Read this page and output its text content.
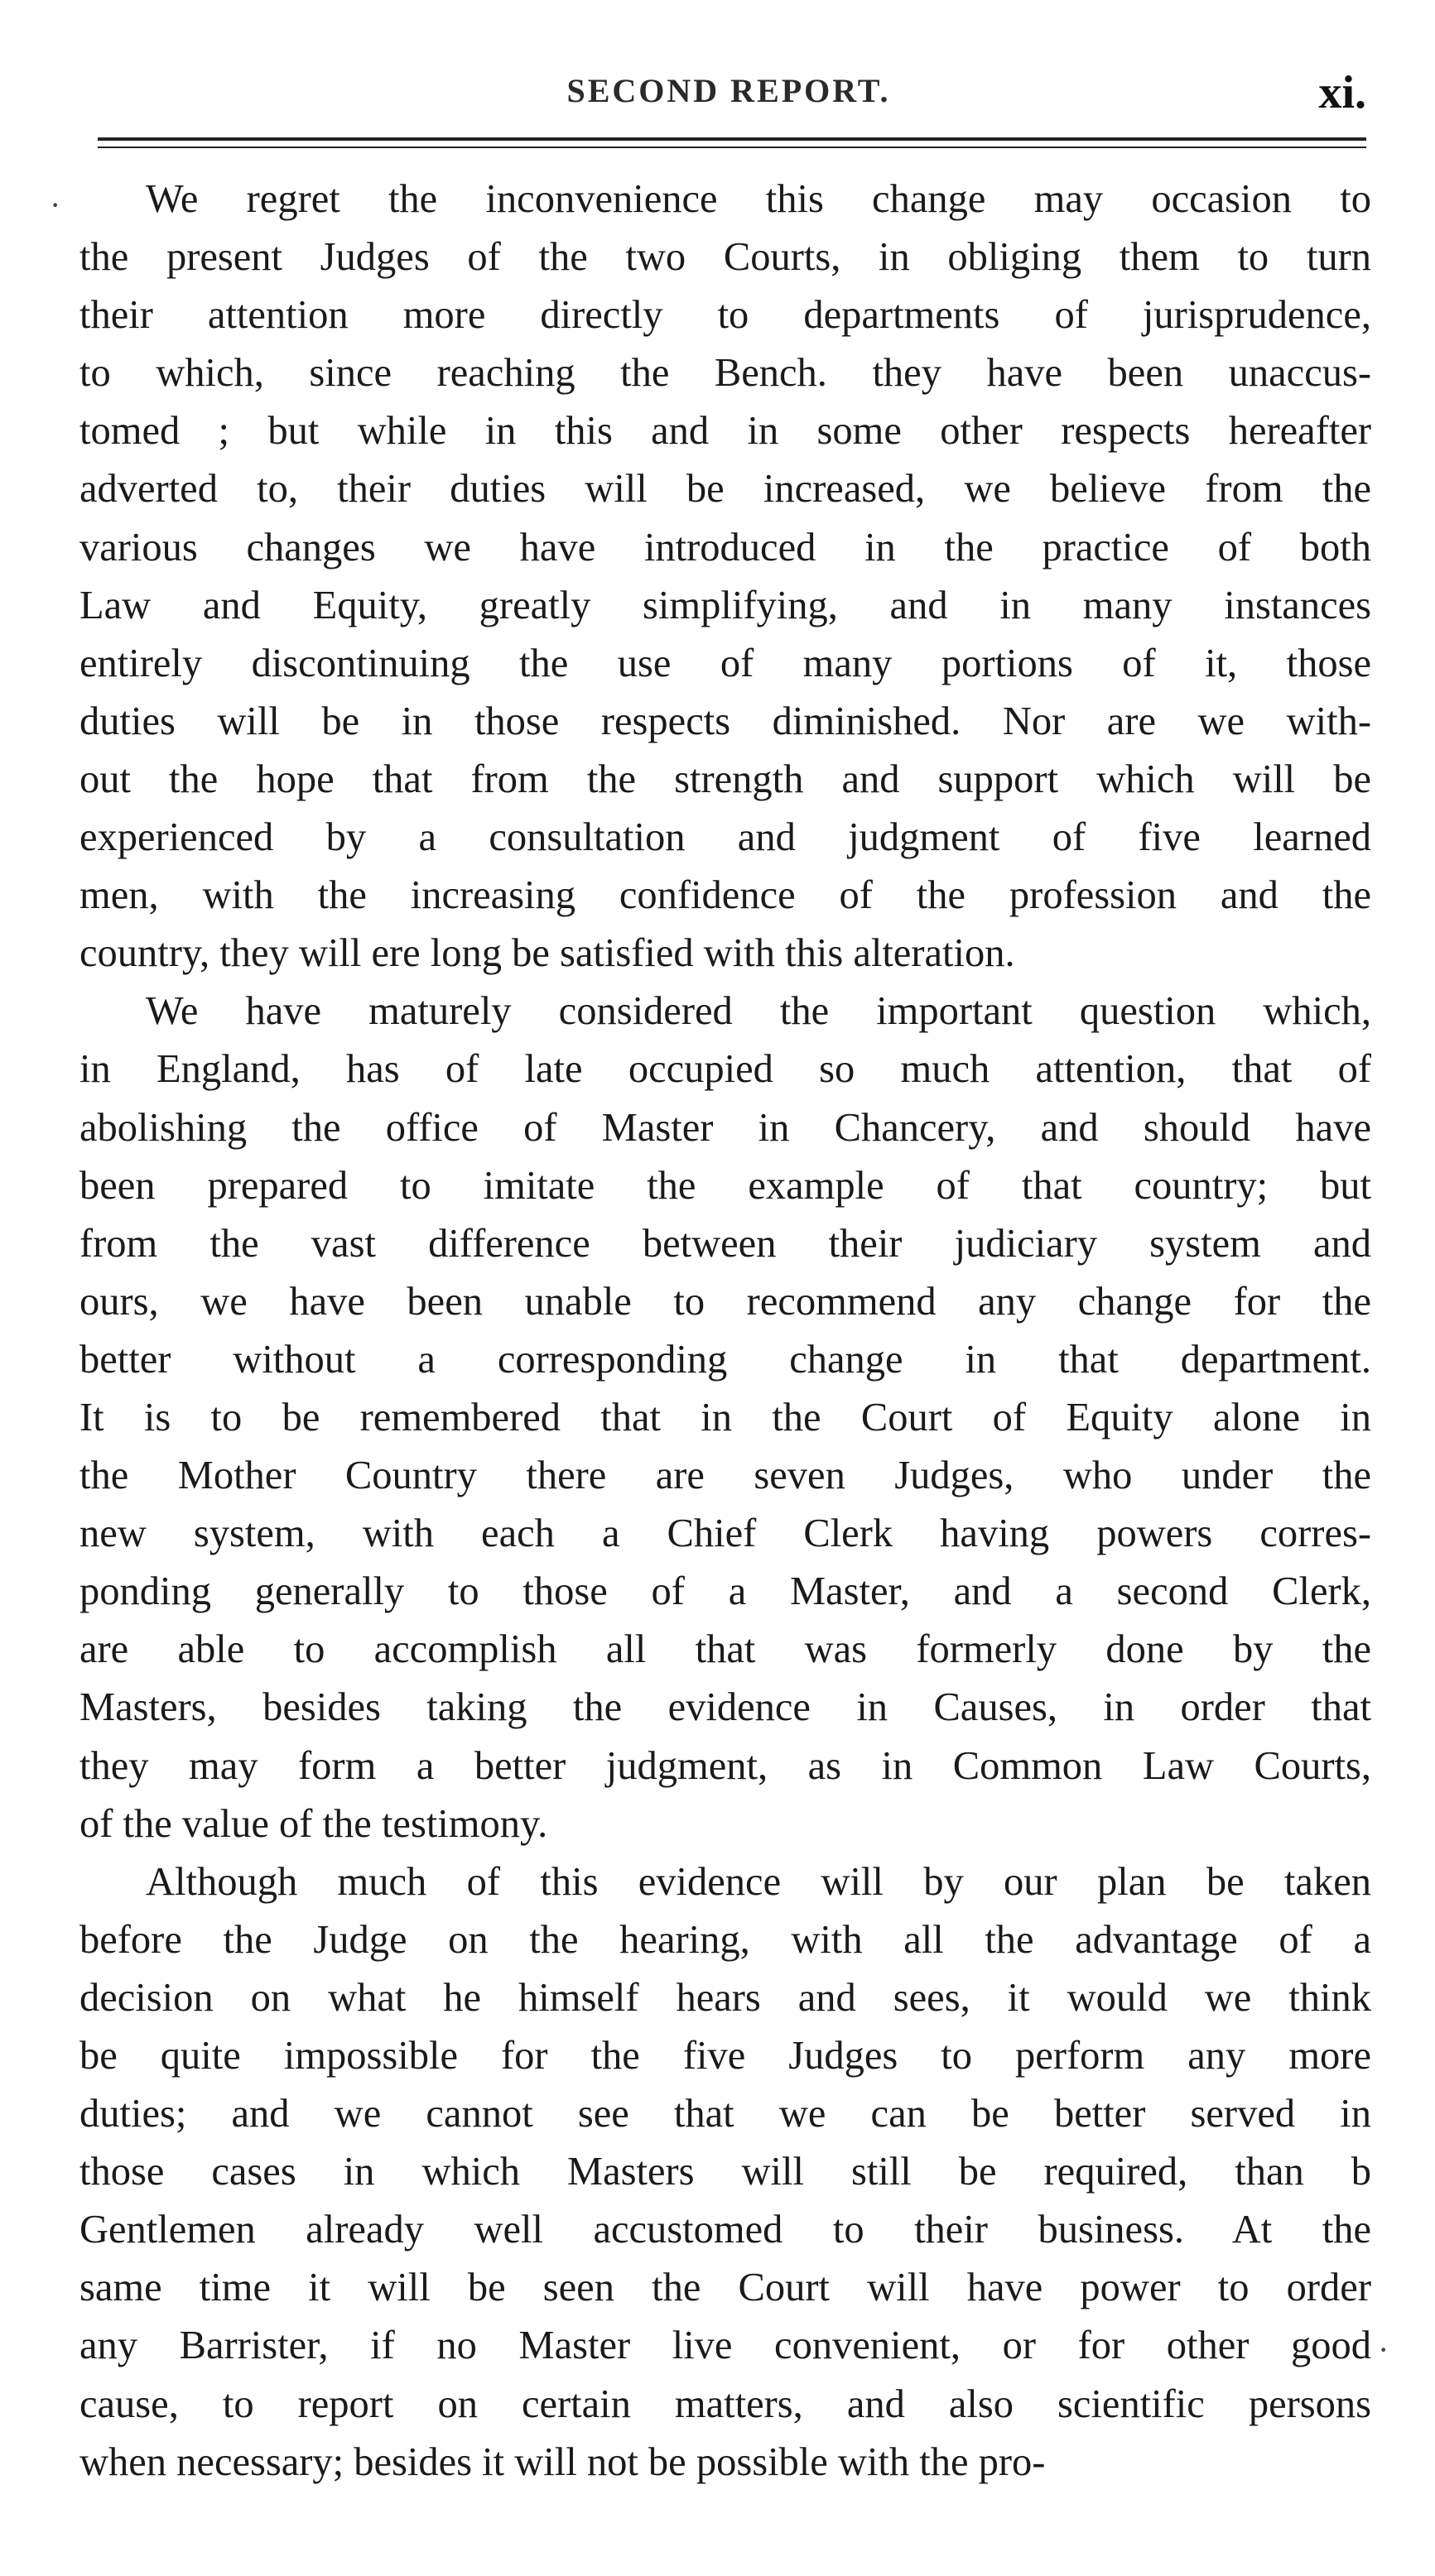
SECOND REPORT.	xi.
We regret the inconvenience this change may occasion to
the present Judges of the two Courts, in obliging them to turn
their attention more directly to departments of jurisprudence,
to which, since reaching the Bench. they have been unaccus-
tomed ; but while in this and in some other respects hereafter
adverted to, their duties will be increased, we believe from the
various changes we have introduced in the practice of both
Law and Equity, greatly simplifying, and in many instances
entirely discontinuing the use of many portions of it, those
duties will be in those respects diminished. Nor are we with-
out the hope that from the strength and support which will be
experienced by a consultation and judgment of five learned
men, with the increasing confidence of the profession and the
country, they will ere long be satisfied with this alteration.
We have maturely considered the important question which,
in England, has of late occupied so much attention, that of
abolishing the office of Master in Chancery, and should have
been prepared to imitate the example of that country; but
from the vast difference between their judiciary system and
ours, we have been unable to recommend any change for the
better without a corresponding change in that department.
It is to be remembered that in the Court of Equity alone in
the Mother Country there are seven Judges, who under the
new system, with each a Chief Clerk having powers corres-
ponding generally to those of a Master, and a second Clerk,
are able to accomplish all that was formerly done by the
Masters, besides taking the evidence in Causes, in order that
they may form a better judgment, as in Common Law Courts,
of the value of the testimony.
Although much of this evidence will by our plan be taken
before the Judge on the hearing, with all the advantage of a
decision on what he himself hears and sees, it would we think
be quite impossible for the five Judges to perform any more
duties; and we cannot see that we can be better served in
those cases in which Masters will still be required, than b
Gentlemen already well accustomed to their business. At the
same time it will be seen the Court will have power to order
any Barrister, if no Master live convenient, or for other good
cause, to report on certain matters, and also scientific persons
when necessary; besides it will not be possible with the pro-
·
·
